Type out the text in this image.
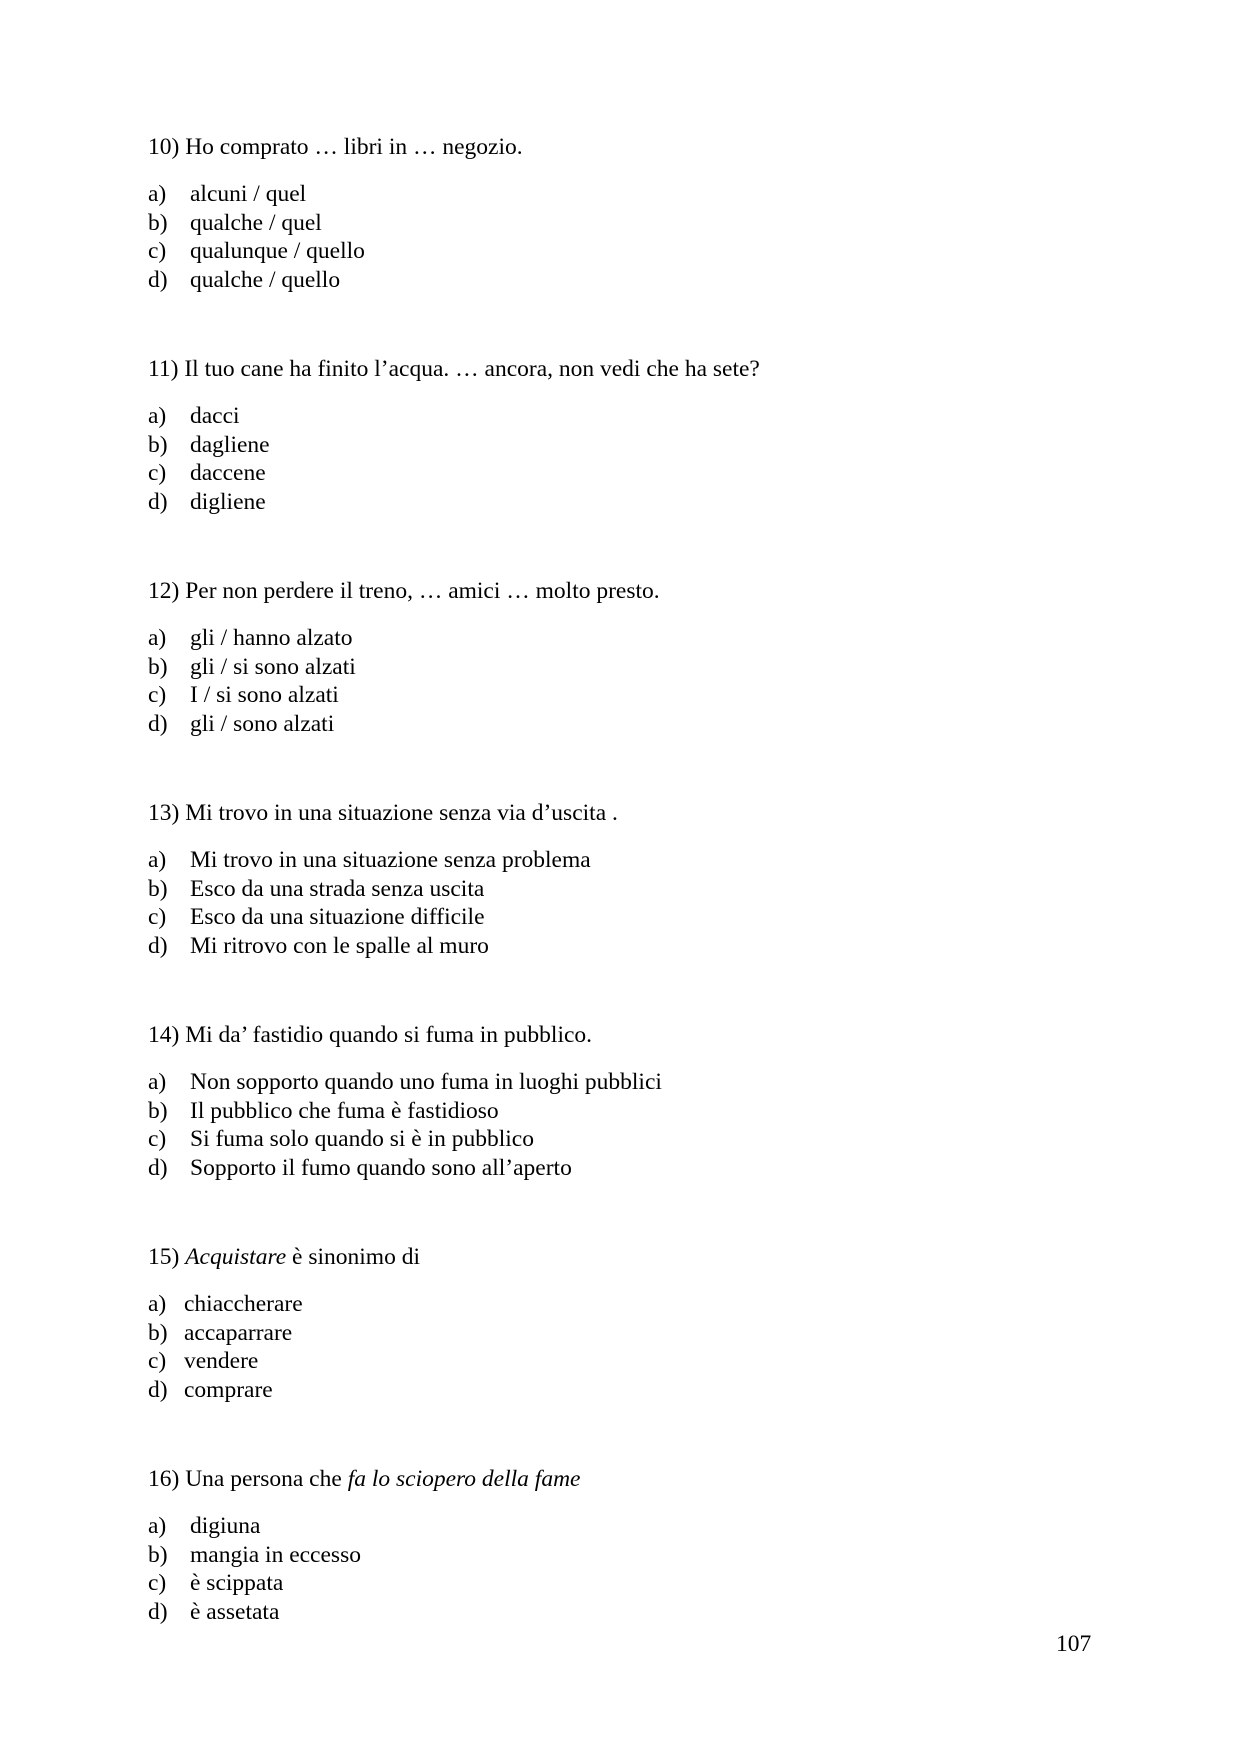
10) Ho comprato … libri in … negozio.
a) alcuni / quel
b) qualche / quel
c) qualunque / quello
d) qualche / quello
11) Il tuo cane ha finito l’acqua. … ancora, non vedi che ha sete?
a) dacci
b) dagliene
c) daccene
d) digliene
12) Per non perdere il treno, … amici … molto presto.
a) gli / hanno alzato
b) gli / si sono alzati
c) I / si sono alzati
d) gli / sono alzati
13) Mi trovo in una situazione senza via d’uscita .
a) Mi trovo in una situazione senza problema
b) Esco da una strada senza uscita
c) Esco da una situazione difficile
d) Mi ritrovo con le spalle al muro
14) Mi da’ fastidio quando si fuma in pubblico.
a) Non sopporto quando uno fuma in luoghi pubblici
b) Il pubblico che fuma è fastidioso
c) Si fuma solo quando si è in pubblico
d) Sopporto il fumo quando sono all’aperto
15) Acquistare è sinonimo di
a) chiaccherare
b) accaparrare
c) vendere
d) comprare
16) Una persona che fa lo sciopero della fame
a) digiuna
b) mangia in eccesso
c) è scippata
d) è assetata
107
